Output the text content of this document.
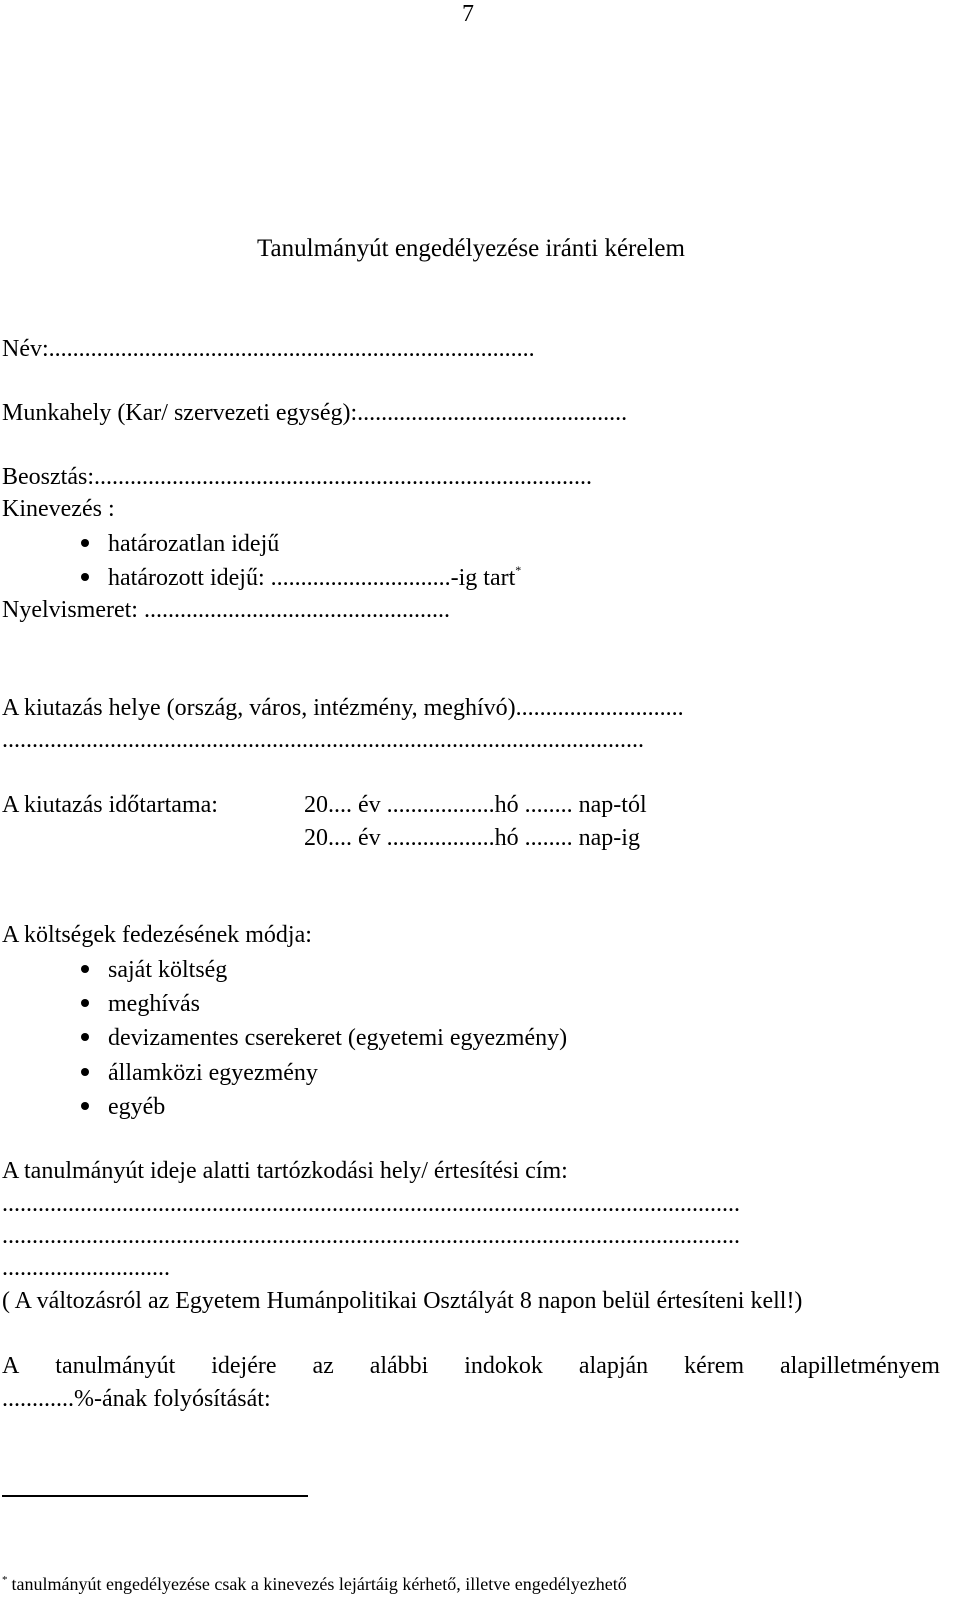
7
Tanulmányút engedélyezése iránti kérelem
Név:.................................................................................
Munkahely (Kar/ szervezeti egység):.............................................
Beosztás:...................................................................................
Kinevezés :
határozatlan idejű
határozott idejű: ..............................-ig tart*
Nyelvismeret: ...................................................
A kiutazás helye (ország, város, intézmény, meghívó)............................
...........................................................................................................
A kiutazás időtartama:	20.... év ..................hó ........ nap-tól
20.... év ..................hó ........ nap-ig
A költségek fedezésének módja:
saját költség
meghívás
devizamentes cserekeret (egyetemi egyezmény)
államközi egyezmény
egyéb
A tanulmányút ideje alatti tartózkodási hely/ értesítési cím:
...........................................................................................................................
...........................................................................................................................
............................
( A változásról az Egyetem Humánpolitikai Osztályát 8 napon belül értesíteni kell!)
A tanulmányút idejére az alábbi indokok alapján kérem alapilletményem
............%-ának folyósítását:
* tanulmányút engedélyezése csak a kinevezés lejártáig kérhető, illetve engedélyezhető
